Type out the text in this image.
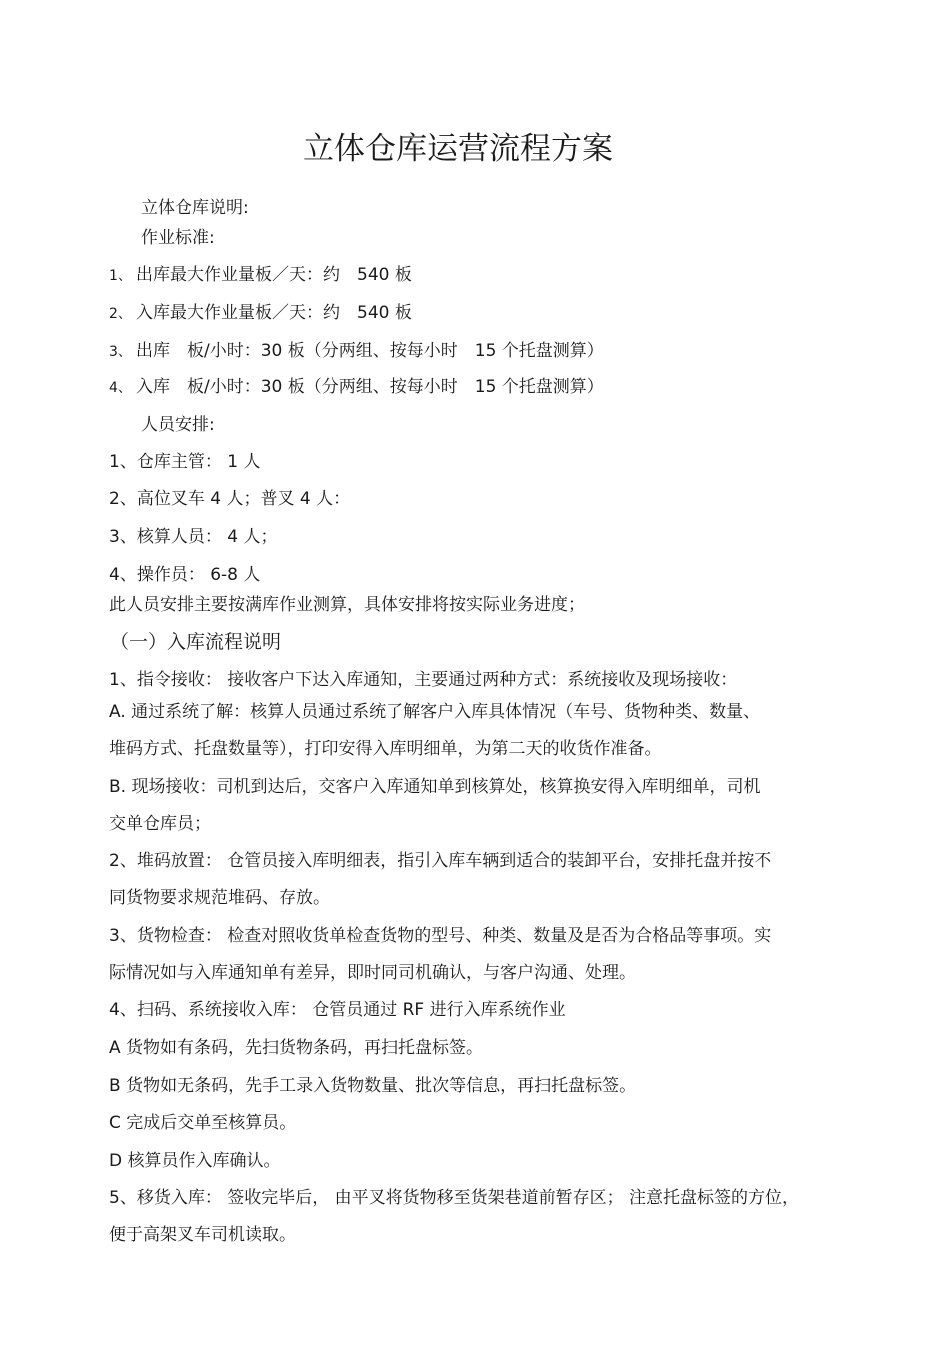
立体仓库运营流程方案
立体仓库说明:
作业标准:
1、 出库最大作业量板／天：约　540 板
2、 入库最大作业量板／天：约　540 板
3、 出库　板/小时：30 板（分两组、按每小时　15 个托盘测算）
4、 入库　板/小时：30 板（分两组、按每小时　15 个托盘测算）
人员安排:
1、仓库主管： 1 人
2、高位叉车 4 人；普叉 4 人：
3、核算人员： 4 人；
4、操作员： 6-8 人
此人员安排主要按满库作业测算，具体安排将按实际业务进度；
（一）入库流程说明
1、指令接收： 接收客户下达入库通知，主要通过两种方式：系统接收及现场接收：
A. 通过系统了解：核算人员通过系统了解客户入库具体情况（车号、货物种类、数量、
堆码方式、托盘数量等），打印安得入库明细单，为第二天的收货作准备。
B. 现场接收：司机到达后，交客户入库通知单到核算处，核算换安得入库明细单，司机
交单仓库员；
2、堆码放置： 仓管员接入库明细表，指引入库车辆到适合的装卸平台，安排托盘并按不
同货物要求规范堆码、存放。
3、货物检查： 检查对照收货单检查货物的型号、种类、数量及是否为合格品等事项。实
际情况如与入库通知单有差异，即时同司机确认，与客户沟通、处理。
4、扫码、系统接收入库： 仓管员通过 RF 进行入库系统作业
A 货物如有条码，先扫货物条码，再扫托盘标签。
B 货物如无条码，先手工录入货物数量、批次等信息，再扫托盘标签。
C 完成后交单至核算员。
D 核算员作入库确认。
5、移货入库： 签收完毕后， 由平叉将货物移至货架巷道前暂存区； 注意托盘标签的方位，
便于高架叉车司机读取。
